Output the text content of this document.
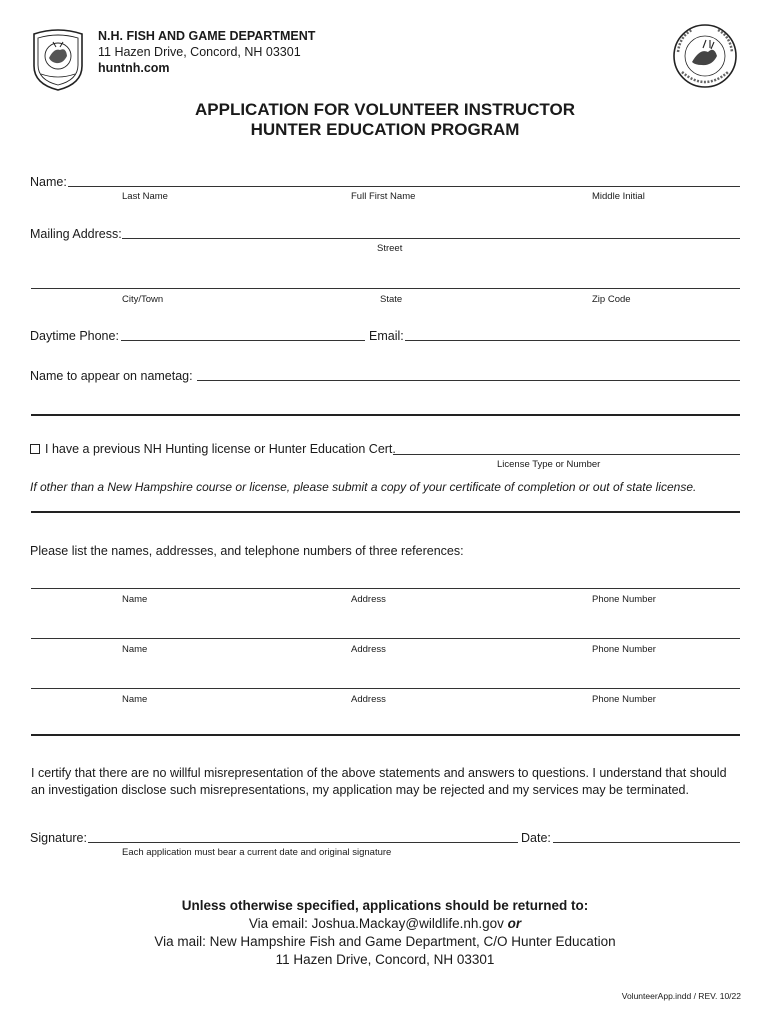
N.H. FISH AND GAME DEPARTMENT
11 Hazen Drive, Concord, NH 03301
huntnh.com
APPLICATION FOR VOLUNTEER INSTRUCTOR
HUNTER EDUCATION PROGRAM
Name:
Last Name	Full First Name	Middle Initial
Mailing Address:
Street
City/Town	State	Zip Code
Daytime Phone:	Email:
Name to appear on nametag:
I have a previous NH Hunting license or Hunter Education Cert.
License Type or Number
If other than a New Hampshire course or license, please submit a copy of your certificate of completion or out of state license.
Please list the names, addresses, and telephone numbers of three references:
Name	Address	Phone Number
Name	Address	Phone Number
Name	Address	Phone Number
I certify that there are no willful misrepresentation of the above statements and answers to questions. I understand that should an investigation disclose such misrepresentations, my application may be rejected and my services may be terminated.
Signature:	Date:
Each application must bear a current date and original signature
Unless otherwise specified, applications should be returned to:
Via email: Joshua.Mackay@wildlife.nh.gov or
Via mail: New Hampshire Fish and Game Department, C/O Hunter Education
11 Hazen Drive, Concord, NH 03301
VolunteerApp.indd / REV. 10/22
